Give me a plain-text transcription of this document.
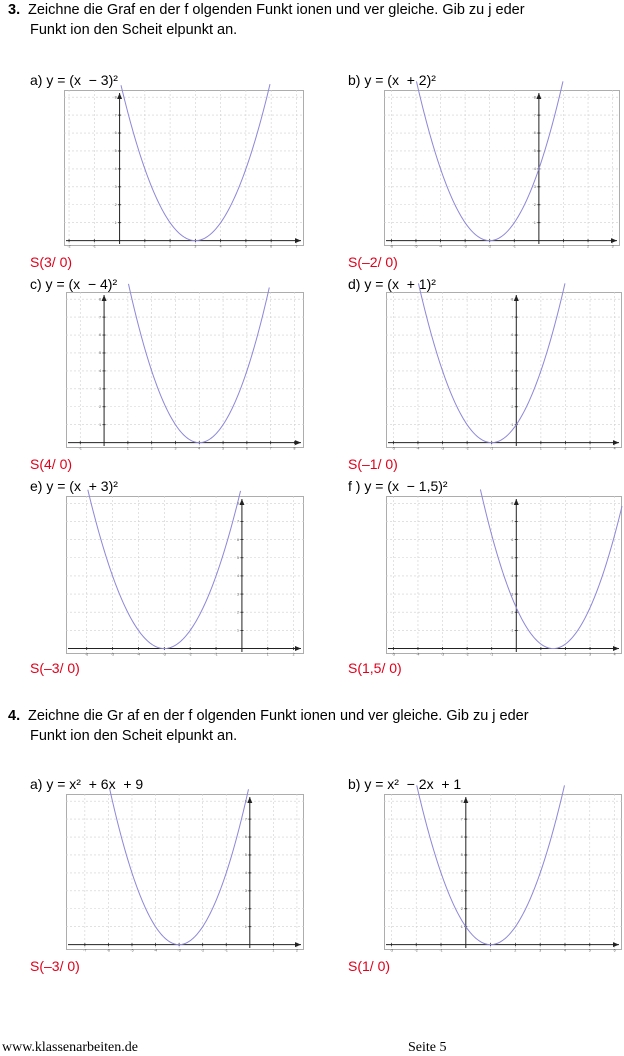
3. Zeichne die Graf en der f olgenden Funkt ionen und ver gleiche. Gib zu j eder
Funkt ion den Scheit elpunkt an.
4. Zeichne die Gr af en der f olgenden Funkt ionen und ver gleiche. Gib zu j eder
Funkt ion den Scheit elpunkt an.
a) y = (x  − 3)²	b) y = (x  + 2)²
c) y = (x  − 4)²	d) y = (x  + 1)²
e) y = (x  + 3)²	f ) y = (x  − 1,5)²
a) y = x²  + 6x  + 9	b) y = x²  − 2x  + 1
-2	-1	1	2	3	4	5	6	7
1
2
3
4
5
6
7
8
-6	-5	-4	-3	-2	-1	1	2	3
1
2
3
4
5
6
7
8
-1	1	2	3	4	5	6	7	8
1
2
3
4
5
6
7
8
-5	-4	-3	-2	-1	1	2	3	4
1
2
3
4
5
6
7
8
-6	-5	-4	-3	-2	-1	1	2
1
2
3
4
5
6
7
8
-5	-4	-3	-2	-1	1	2	3	4
1
2
3
4
5
6
7
8
-7	-6	-5	-4	-3	-2	-1	1	2
1
2
3
4
5
6
7
8
-3	-2	-1	1	2	3	4	5	6
1
2
3
4
5
6
7
8
S(3/ 0)	S(–2/ 0)
S(4/ 0)	S(–1/ 0)
S(–3/ 0)	S(1,5/ 0)
S(–3/ 0)	S(1/ 0)
www.klassenarbeiten.de	Seite 5
